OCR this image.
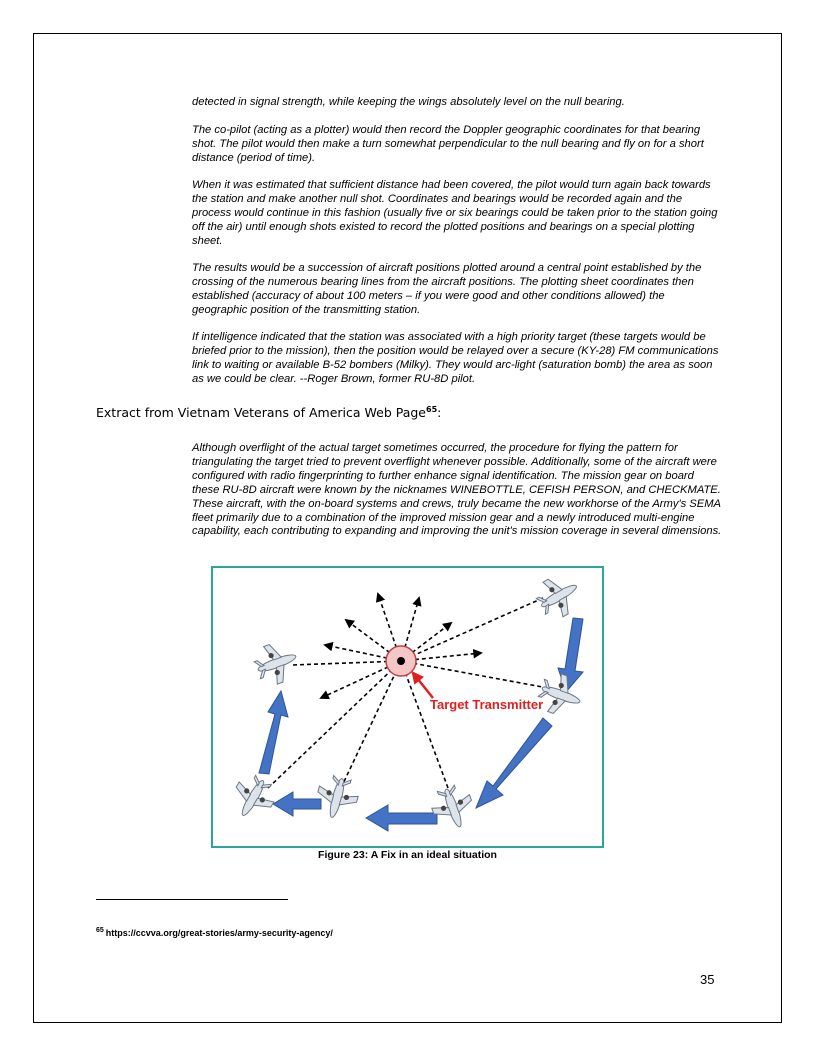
detected in signal strength, while keeping the wings absolutely level on the null bearing.

The co-pilot (acting as a plotter) would then record the Doppler geographic coordinates for that bearing shot. The pilot would then make a turn somewhat perpendicular to the null bearing and fly on for a short distance (period of time).

When it was estimated that sufficient distance had been covered, the pilot would turn again back towards the station and make another null shot. Coordinates and bearings would be recorded again and the process would continue in this fashion (usually five or six bearings could be taken prior to the station going off the air) until enough shots existed to record the plotted positions and bearings on a special plotting sheet.

The results would be a succession of aircraft positions plotted around a central point established by the crossing of the numerous bearing lines from the aircraft positions. The plotting sheet coordinates then established (accuracy of about 100 meters – if you were good and other conditions allowed) the geographic position of the transmitting station.

If intelligence indicated that the station was associated with a high priority target (these targets would be briefed prior to the mission), then the position would be relayed over a secure (KY-28) FM communications link to waiting or available B-52 bombers (Milky). They would arc-light (saturation bomb) the area as soon as we could be clear. --Roger Brown, former RU-8D pilot.

Extract from Vietnam Veterans of America Web Page$^{65}$:

Although overflight of the actual target sometimes occurred, the procedure for flying the pattern for triangulating the target tried to prevent overflight whenever possible. Additionally, some of the aircraft were configured with radio fingerprinting to further enhance signal identification. The mission gear on board these RU-8D aircraft were known by the nicknames WINEBOTTLE, CEFISH PERSON, and CHECKMATE. These aircraft, with the on-board systems and crews, truly became the new workhorse of the Army's SEMA fleet primarily due to a combination of the improved mission gear and a newly introduced multi-engine capability, each contributing to expanding and improving the unit's mission coverage in several dimensions.

Target Transmitter

Figure 23: A Fix in an ideal situation

$^{65}$ https://ccvva.org/great-stories/army-security-agency/
35
